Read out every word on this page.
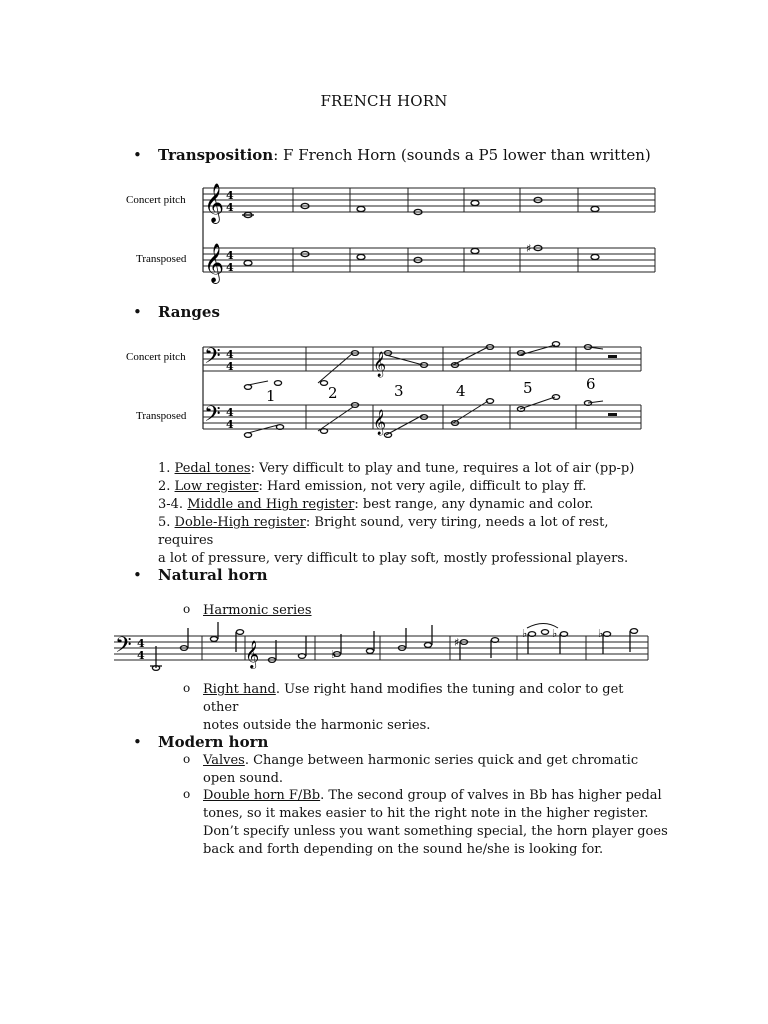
FRENCH HORN
• Transposition: F French Horn (sounds a P5 lower than written)
Concert pitch
Transposed
𝄞
𝄞
4
4
4
4
♯
• Ranges
Concert pitch
Transposed
𝄢
𝄢
4
4
4
4
𝄞
𝄞
1	2	3	4	5	6
1. Pedal tones: Very difficult to play and tune, requires a lot of air (pp-p)
2. Low register: Hard emission, not very agile, difficult to play ff.
3-4. Middle and High register: best range, any dynamic and color.
5. Doble-High register: Bright sound, very tiring, needs a lot of rest, requires
a lot of pressure, very difficult to play soft, mostly professional players.
• Natural horn
o Harmonic series
𝄢 4
4	𝄞	♭
♯
♭ ♭	♭
o Right hand. Use right hand modifies the tuning and color to get other
notes outside the harmonic series.
• Modern horn
o Valves. Change between harmonic series quick and get chromatic
open sound.
o Double horn F/Bb. The second group of valves in Bb has higher pedal
tones, so it makes easier to hit the right note in the higher register.
Don’t specify unless you want something special, the horn player goes
back and forth depending on the sound he/she is looking for.
